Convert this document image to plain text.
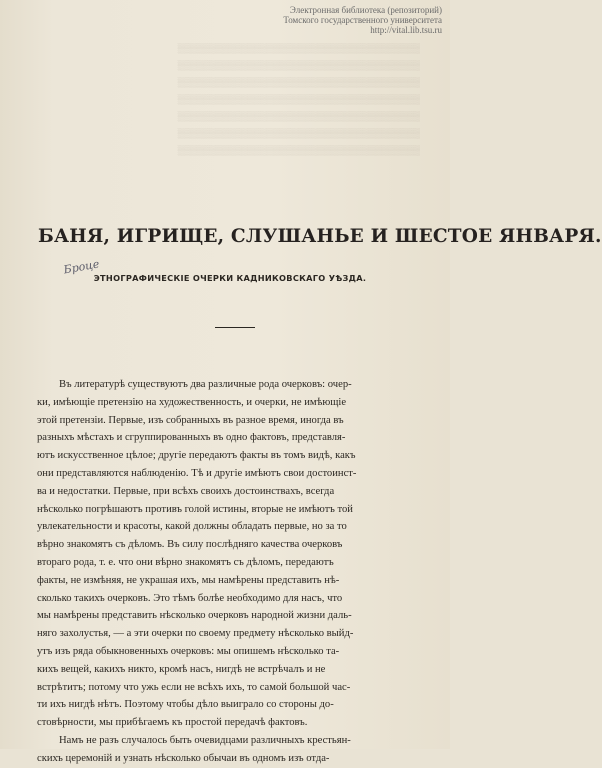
Электронная библиотека (репозиторий)
Томского государственного университета
http://vital.lib.tsu.ru
▒▒▒▒▒▒▒▒▒▒▒▒▒▒▒▒▒▒▒▒▒▒▒▒▒▒▒▒▒▒▒▒▒▒▒▒▒▒
▒▒▒▒▒▒▒▒▒▒▒▒▒▒▒▒▒▒▒▒▒▒▒▒▒▒▒▒▒▒▒▒▒▒▒▒▒▒
▒▒▒▒▒▒▒▒▒▒▒▒▒▒▒▒▒▒▒▒▒▒▒▒▒▒▒▒▒▒▒▒▒▒▒▒▒▒
▒▒▒▒▒▒▒▒▒▒▒▒▒▒▒▒▒▒▒▒▒▒▒▒▒▒▒▒▒▒▒▒▒▒▒▒▒▒
▒▒▒▒▒▒▒▒▒▒▒▒▒▒▒▒▒▒▒▒▒▒▒▒▒▒▒▒▒▒▒▒▒▒▒▒▒▒
▒▒▒▒▒▒▒▒▒▒▒▒▒▒▒▒▒▒▒▒▒▒▒▒▒▒▒▒▒▒▒▒▒▒▒▒▒▒
▒▒▒▒▒▒▒▒▒▒▒▒▒▒▒▒▒▒▒▒▒▒▒▒▒▒▒▒▒▒▒▒▒▒▒▒▒▒
БАНЯ, ИГРИЩЕ, СЛУШАНЬЕ И ШЕСТОЕ ЯНВАРЯ.
Броце
ЭТНОГРАФИЧЕСКІЕ ОЧЕРКИ КАДНИКОВСКАГО УѢЗДА.
Въ литературѣ существуютъ два различные рода очерковъ: очер-
ки, имѣющіе претензію на художественность, и очерки, не имѣющіе
этой претензіи. Первые, изъ собранныхъ въ разное время, иногда въ
разныхъ мѣстахъ и сгруппированныхъ въ одно фактовъ, представля-
ютъ искусственное цѣлое; другіе передаютъ факты въ томъ видѣ, какъ
они представляются наблюденію. Тѣ и другіе имѣютъ свои достоинст-
ва и недостатки. Первые, при всѣхъ своихъ достоинствахъ, всегда
нѣсколько погрѣшаютъ противъ голой истины, вторые не имѣютъ той
увлекательности и красоты, какой должны обладать первые, но за то
вѣрно знакомятъ съ дѣломъ. Въ силу послѣдняго качества очерковъ
втораго рода, т. е. что они вѣрно знакомятъ съ дѣломъ, передаютъ
факты, не измѣняя, не украшая ихъ, мы намѣрены представить нѣ-
сколько такихъ очерковъ. Это тѣмъ болѣе необходимо для насъ, что
мы намѣрены представить нѣсколько очерковъ народной жизни даль-
няго захолустья, — а эти очерки по своему предмету нѣсколько выйд-
утъ изъ ряда обыкновенныхъ очерковъ: мы опишемъ нѣсколько та-
кихъ вещей, какихъ никто, кромѣ насъ, нигдѣ не встрѣчалъ и не
встрѣтитъ; потому что ужь если не всѣхъ ихъ, то самой большой час-
ти ихъ нигдѣ нѣтъ. Поэтому чтобы дѣло выиграло со стороны до-
стовѣрности, мы прибѣгаемъ къ простой передачѣ фактовъ.
Намъ не разъ случалось быть очевидцами различныхъ крестьян-
скихъ церемоній и узнать нѣсколько обычаи въ одномъ изъ отда-
